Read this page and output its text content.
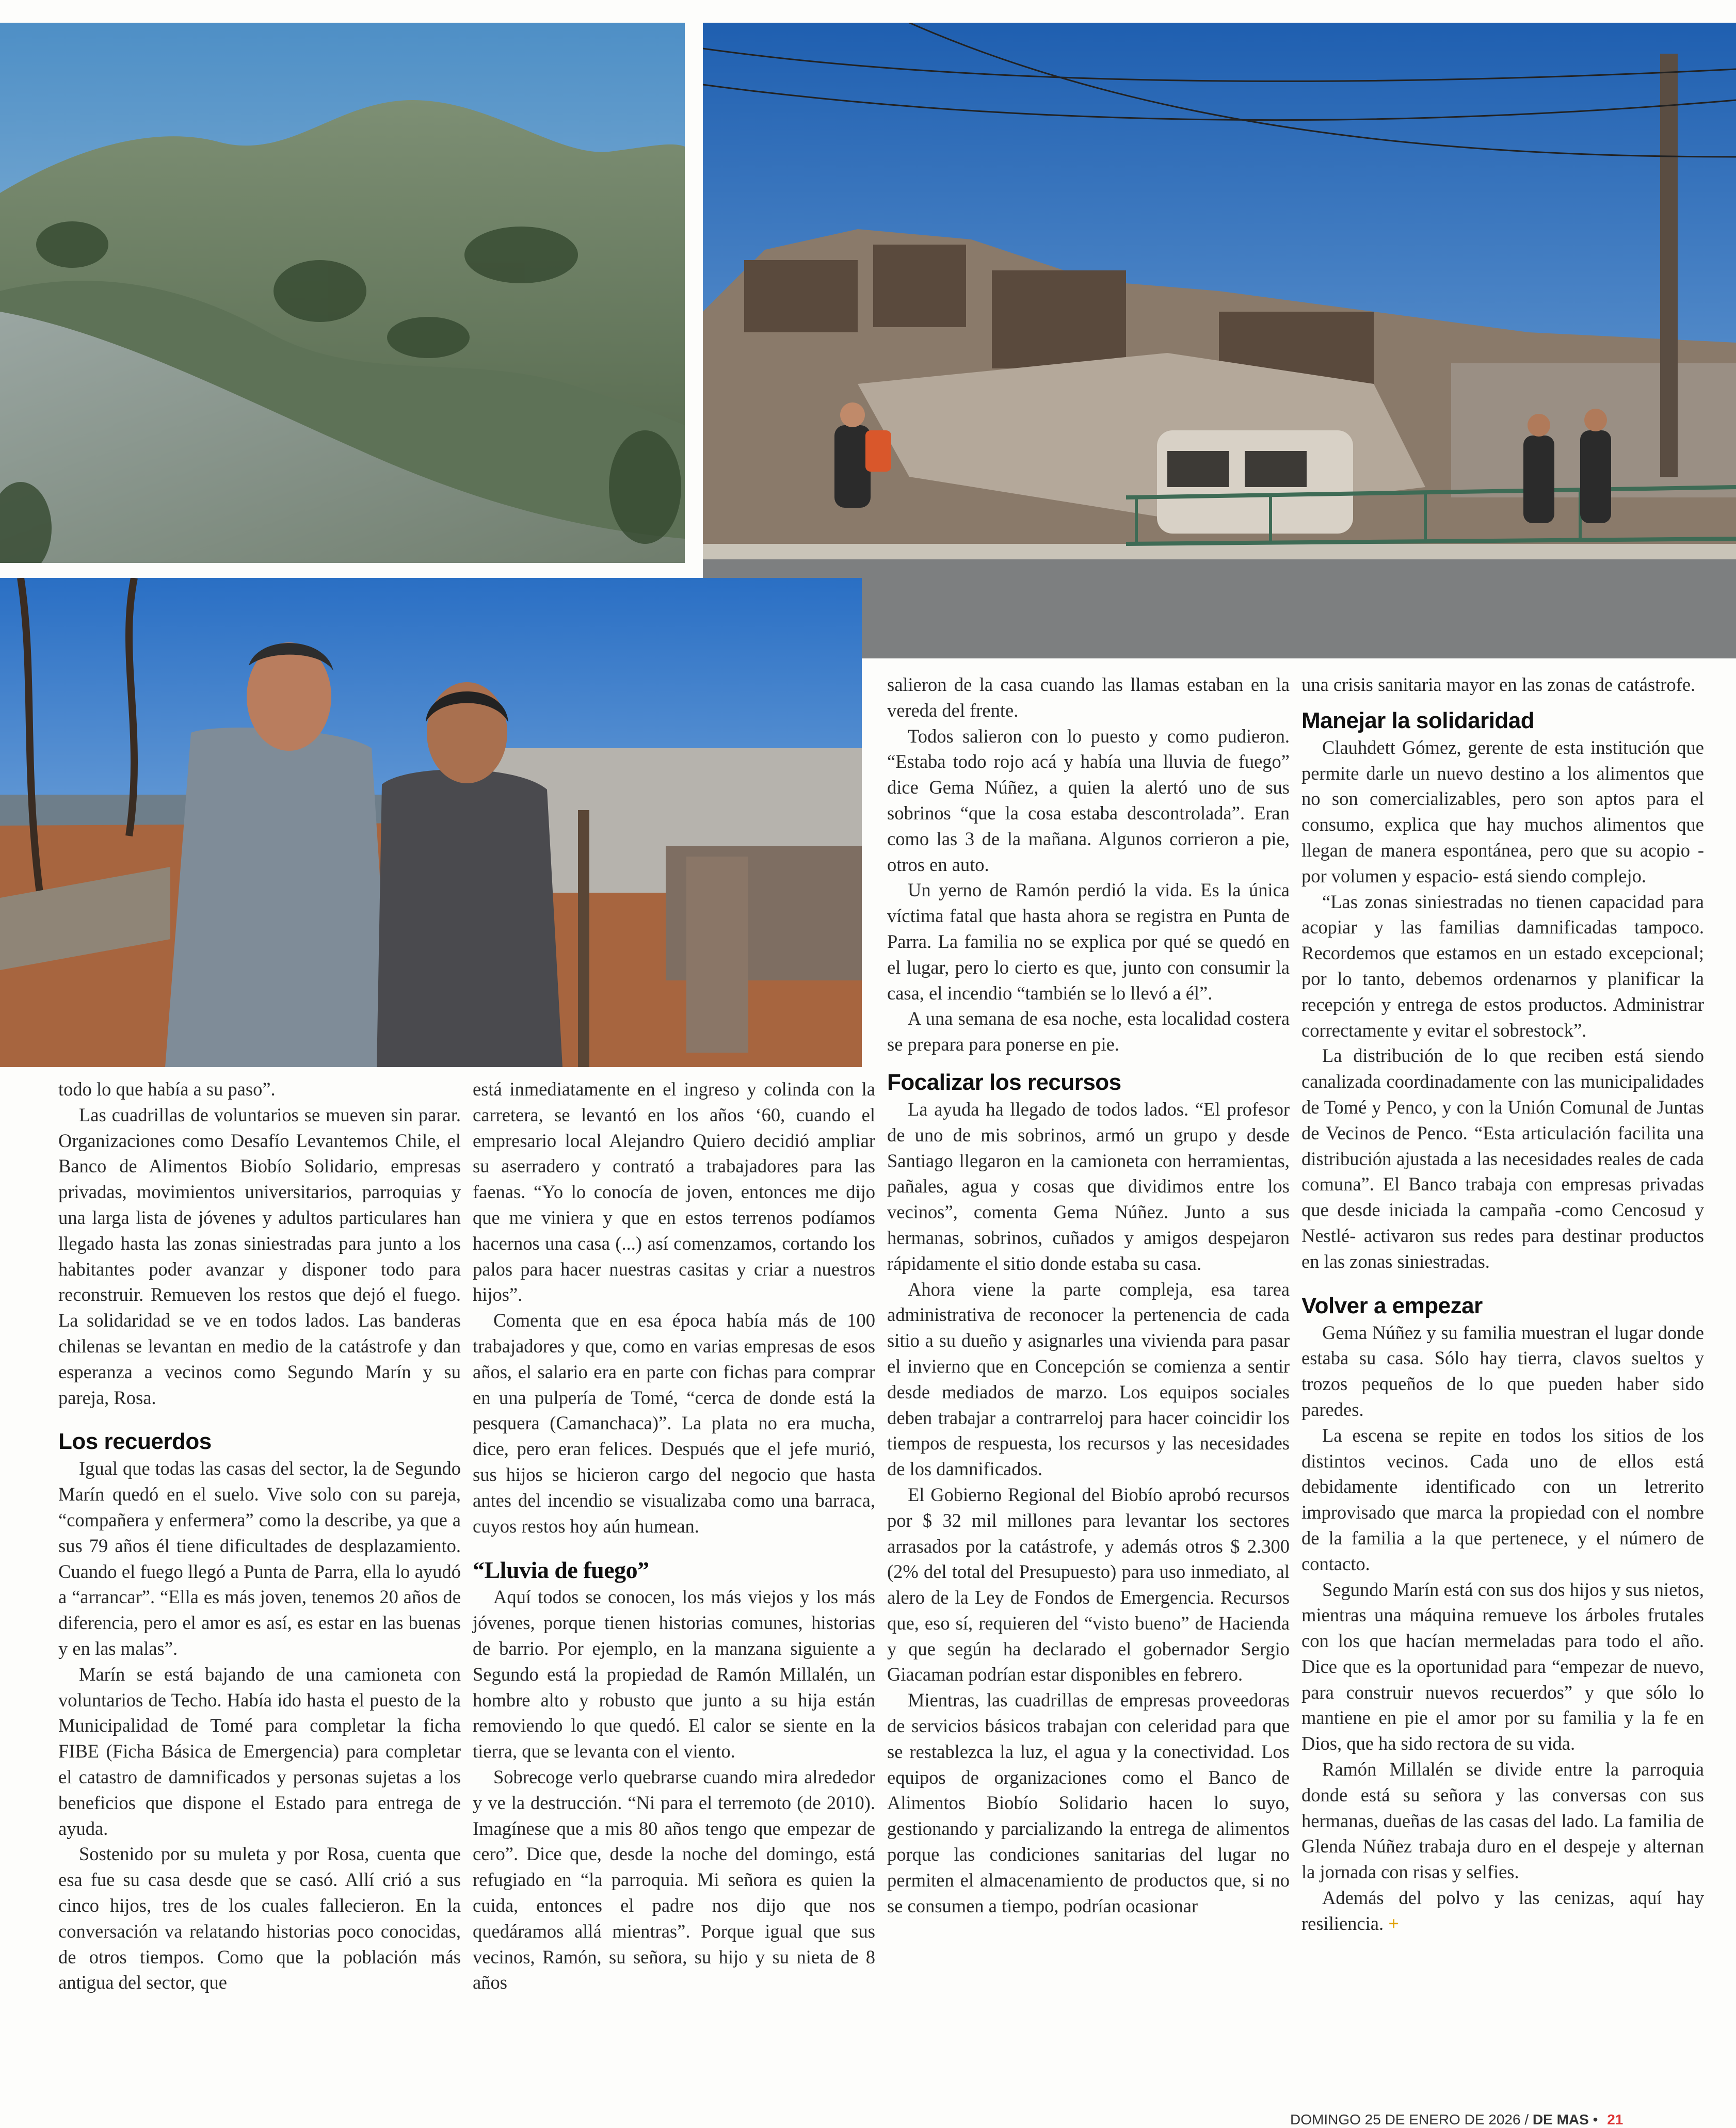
todo lo que había a su paso”.

Las cuadrillas de voluntarios se mueven sin parar. Organizaciones como Desafío Levantemos Chile, el Banco de Alimentos Biobío Solidario, empresas privadas, movimientos universitarios, parroquias y una larga lista de jóvenes y adultos particulares han llegado hasta las zonas siniestradas para junto a los habitantes poder avanzar y disponer todo para reconstruir. Remueven los restos que dejó el fuego. La solidaridad se ve en todos lados. Las banderas chilenas se levantan en medio de la catástrofe y dan esperanza a vecinos como Segundo Marín y su pareja, Rosa.

Los recuerdos

Igual que todas las casas del sector, la de Segundo Marín quedó en el suelo. Vive solo con su pareja, “compañera y enfermera” como la describe, ya que a sus 79 años él tiene dificultades de desplazamiento. Cuando el fuego llegó a Punta de Parra, ella lo ayudó a “arrancar”. “Ella es más joven, tenemos 20 años de diferencia, pero el amor es así, es estar en las buenas y en las malas”.

Marín se está bajando de una camioneta con voluntarios de Techo. Había ido hasta el puesto de la Municipalidad de Tomé para completar la ficha FIBE (Ficha Básica de Emergencia) para completar el catastro de damnificados y personas sujetas a los beneficios que dispone el Estado para entrega de ayuda.

Sostenido por su muleta y por Rosa, cuenta que esa fue su casa desde que se casó. Allí crió a sus cinco hijos, tres de los cuales fallecieron. En la conversación va relatando historias poco conocidas, de otros tiempos. Como que la población más antigua del sector, que

está inmediatamente en el ingreso y colinda con la carretera, se levantó en los años ‘60, cuando el empresario local Alejandro Quiero decidió ampliar su aserradero y contrató a trabajadores para las faenas. “Yo lo conocía de joven, entonces me dijo que me viniera y que en estos terrenos podíamos hacernos una casa (...) así comenzamos, cortando los palos para hacer nuestras casitas y criar a nuestros hijos”.

Comenta que en esa época había más de 100 trabajadores y que, como en varias empresas de esos años, el salario era en parte con fichas para comprar en una pulpería de Tomé, “cerca de donde está la pesquera (Camanchaca)”. La plata no era mucha, dice, pero eran felices. Después que el jefe murió, sus hijos se hicieron cargo del negocio que hasta antes del incendio se visualizaba como una barraca, cuyos restos hoy aún humean.

“Lluvia de fuego”

Aquí todos se conocen, los más viejos y los más jóvenes, porque tienen historias comunes, historias de barrio. Por ejemplo, en la manzana siguiente a Segundo está la propiedad de Ramón Millalén, un hombre alto y robusto que junto a su hija están removiendo lo que quedó. El calor se siente en la tierra, que se levanta con el viento.

Sobrecoge verlo quebrarse cuando mira alrededor y ve la destrucción. “Ni para el terremoto (de 2010). Imagínese que a mis 80 años tengo que empezar de cero”. Dice que, desde la noche del domingo, está refugiado en “la parroquia. Mi señora es quien la cuida, entonces el padre nos dijo que nos quedáramos allá mientras”. Porque igual que sus vecinos, Ramón, su señora, su hijo y su nieta de 8 años

salieron de la casa cuando las llamas estaban en la vereda del frente.

Todos salieron con lo puesto y como pudieron. “Estaba todo rojo acá y había una lluvia de fuego” dice Gema Núñez, a quien la alertó uno de sus sobrinos “que la cosa estaba descontrolada”. Eran como las 3 de la mañana. Algunos corrieron a pie, otros en auto.

Un yerno de Ramón perdió la vida. Es la única víctima fatal que hasta ahora se registra en Punta de Parra. La familia no se explica por qué se quedó en el lugar, pero lo cierto es que, junto con consumir la casa, el incendio “también se lo llevó a él”.

A una semana de esa noche, esta localidad costera se prepara para ponerse en pie.

Focalizar los recursos

La ayuda ha llegado de todos lados. “El profesor de uno de mis sobrinos, armó un grupo y desde Santiago llegaron en la camioneta con herramientas, pañales, agua y cosas que dividimos entre los vecinos”, comenta Gema Núñez. Junto a sus hermanas, sobrinos, cuñados y amigos despejaron rápidamente el sitio donde estaba su casa.

Ahora viene la parte compleja, esa tarea administrativa de reconocer la pertenencia de cada sitio a su dueño y asignarles una vivienda para pasar el invierno que en Concepción se comienza a sentir desde mediados de marzo. Los equipos sociales deben trabajar a contrarreloj para hacer coincidir los tiempos de respuesta, los recursos y las necesidades de los damnificados.

El Gobierno Regional del Biobío aprobó recursos por $ 32 mil millones para levantar los sectores arrasados por la catástrofe, y además otros $ 2.300 (2% del total del Presupuesto) para uso inmediato, al alero de la Ley de Fondos de Emergencia. Recursos que, eso sí, requieren del “visto bueno” de Hacienda y que según ha declarado el gobernador Sergio Giacaman podrían estar disponibles en febrero.

Mientras, las cuadrillas de empresas proveedoras de servicios básicos trabajan con celeridad para que se restablezca la luz, el agua y la conectividad. Los equipos de organizaciones como el Banco de Alimentos Biobío Solidario hacen lo suyo, gestionando y parcializando la entrega de alimentos porque las condiciones sanitarias del lugar no permiten el almacenamiento de productos que, si no se consumen a tiempo, podrían ocasionar

una crisis sanitaria mayor en las zonas de catástrofe.

Manejar la solidaridad

Clauhdett Gómez, gerente de esta institución que permite darle un nuevo destino a los alimentos que no son comercializables, pero son aptos para el consumo, explica que hay muchos alimentos que llegan de manera espontánea, pero que su acopio -por volumen y espacio- está siendo complejo.

“Las zonas siniestradas no tienen capacidad para acopiar y las familias damnificadas tampoco. Recordemos que estamos en un estado excepcional; por lo tanto, debemos ordenarnos y planificar la recepción y entrega de estos productos. Administrar correctamente y evitar el sobrestock”.

La distribución de lo que reciben está siendo canalizada coordinadamente con las municipalidades de Tomé y Penco, y con la Unión Comunal de Juntas de Vecinos de Penco. “Esta articulación facilita una distribución ajustada a las necesidades reales de cada comuna”. El Banco trabaja con empresas privadas que desde iniciada la campaña -como Cencosud y Nestlé- activaron sus redes para destinar productos en las zonas siniestradas.

Volver a empezar

Gema Núñez y su familia muestran el lugar donde estaba su casa. Sólo hay tierra, clavos sueltos y trozos pequeños de lo que pueden haber sido paredes.

La escena se repite en todos los sitios de los distintos vecinos. Cada uno de ellos está debidamente identificado con un letrerito improvisado que marca la propiedad con el nombre de la familia a la que pertenece, y el número de contacto.

Segundo Marín está con sus dos hijos y sus nietos, mientras una máquina remueve los árboles frutales con los que hacían mermeladas para todo el año. Dice que es la oportunidad para “empezar de nuevo, para construir nuevos recuerdos” y que sólo lo mantiene en pie el amor por su familia y la fe en Dios, que ha sido rectora de su vida.

Ramón Millalén se divide entre la parroquia donde está su señora y las conversas con sus hermanas, dueñas de las casas del lado. La familia de Glenda Núñez trabaja duro en el despeje y alternan la jornada con risas y selfies.

Además del polvo y las cenizas, aquí hay resiliencia. +

DOMINGO 25 DE ENERO DE 2026 / DE MAS • 21
